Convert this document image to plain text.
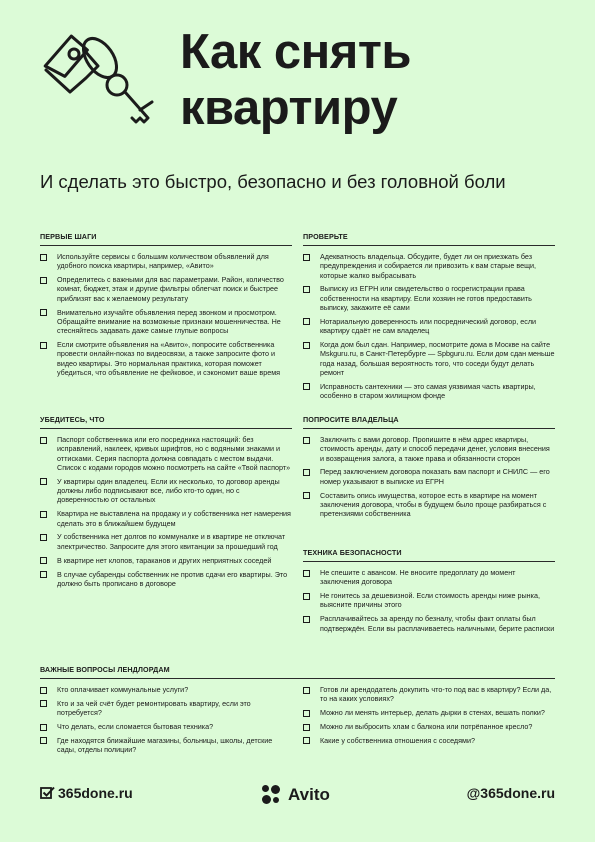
Как снять
квартиру
И сделать это быстро, безопасно и без головной боли
ПЕРВЫЕ ШАГИ
Используйте сервисы с большим количеством объявлений для удобного поиска квартиры, например, «Авито»
Определитесь с важными для вас параметрами. Район, количество комнат, бюджет, этаж и другие фильтры облегчат поиск и быстрее приблизят вас к желаемому результату
Внимательно изучайте объявления перед звонком и просмотром. Обращайте внимание на возможные признаки мошенничества. Не стесняйтесь задавать даже самые глупые вопросы
Если смотрите объявления на «Авито», попросите собственника провести онлайн-показ по видеосвязи, а также запросите фото и видео квартиры. Это нормальная практика, которая поможет убедиться, что объявление не фейковое, и сэкономит ваше время
ПРОВЕРЬТЕ
Адекватность владельца. Обсудите, будет ли он приезжать без предупреждения и собирается ли привозить к вам старые вещи, которые жалко выбрасывать
Выписку из ЕГРН или свидетельство о госрегистрации права собственности на квартиру. Если хозяин не готов предоставить выписку, закажите её сами
Нотариальную доверенность или посреднический договор, если квартиру сдаёт не сам владелец
Когда дом был сдан. Например, посмотрите дома в Москве на сайте Mskguru.ru, в Санкт-Петербурге — Spbguru.ru. Если дом сдан меньше года назад, большая вероятность того, что соседи будут делать ремонт
Исправность сантехники — это самая уязвимая часть квартиры, особенно в старом жилищном фонде
УБЕДИТЕСЬ, ЧТО
Паспорт собственника или его посредника настоящий: без исправлений, наклеек, кривых шрифтов, но с водяными знаками и оттисками. Серия паспорта должна совпадать с местом выдачи. Список с кодами городов можно посмотреть на сайте «Твой паспорт»
У квартиры один владелец. Если их несколько, то договор аренды должны либо подписывают все, либо кто-то один, но с доверенностью от остальных
Квартира не выставлена на продажу и у собственника нет намерения сделать это в ближайшем будущем
У собственника нет долгов по коммуналке и в квартире не отключат электричество. Запросите для этого квитанции за прошедший год
В квартире нет клопов, тараканов и других неприятных соседей
В случае субаренды собственник не против сдачи его квартиры. Это должно быть прописано в договоре
ПОПРОСИТЕ ВЛАДЕЛЬЦА
Заключить с вами договор. Пропишите в нём адрес квартиры, стоимость аренды, дату и способ передачи денег, условия внесения и возвращения залога, а также права и обязанности сторон
Перед заключением договора показать вам паспорт и СНИЛС — его номер указывают в выписке из ЕГРН
Составить опись имущества, которое есть в квартире на момент заключения договора, чтобы в будущем было проще разбираться с претензиями собственника
ТЕХНИКА БЕЗОПАСНОСТИ
Не спешите с авансом. Не вносите предоплату до момент заключения договора
Не гонитесь за дешевизной. Если стоимость аренды ниже рынка, выясните причины этого
Расплачивайтесь за аренду по безналу, чтобы факт оплаты был подтверждён. Если вы расплачиваетесь наличными, берите расписки
ВАЖНЫЕ ВОПРОСЫ ЛЕНДЛОРДАМ
Кто оплачивает коммунальные услуги?
Кто и за чей счёт будет ремонтировать квартиру, если это потребуется?
Что делать, если сломается бытовая техника?
Где находятся ближайшие магазины, больницы, школы, детские сады, отделы полиции?
Готов ли арендодатель докупить что-то под вас в квартиру? Если да, то на каких условиях?
Можно ли менять интерьер, делать дырки в стенах, вешать полки?
Можно ли выбросить хлам с балкона или потрёпанное кресло?
Какие у собственника отношения с соседями?
365done.ru	Avito	@365done.ru
